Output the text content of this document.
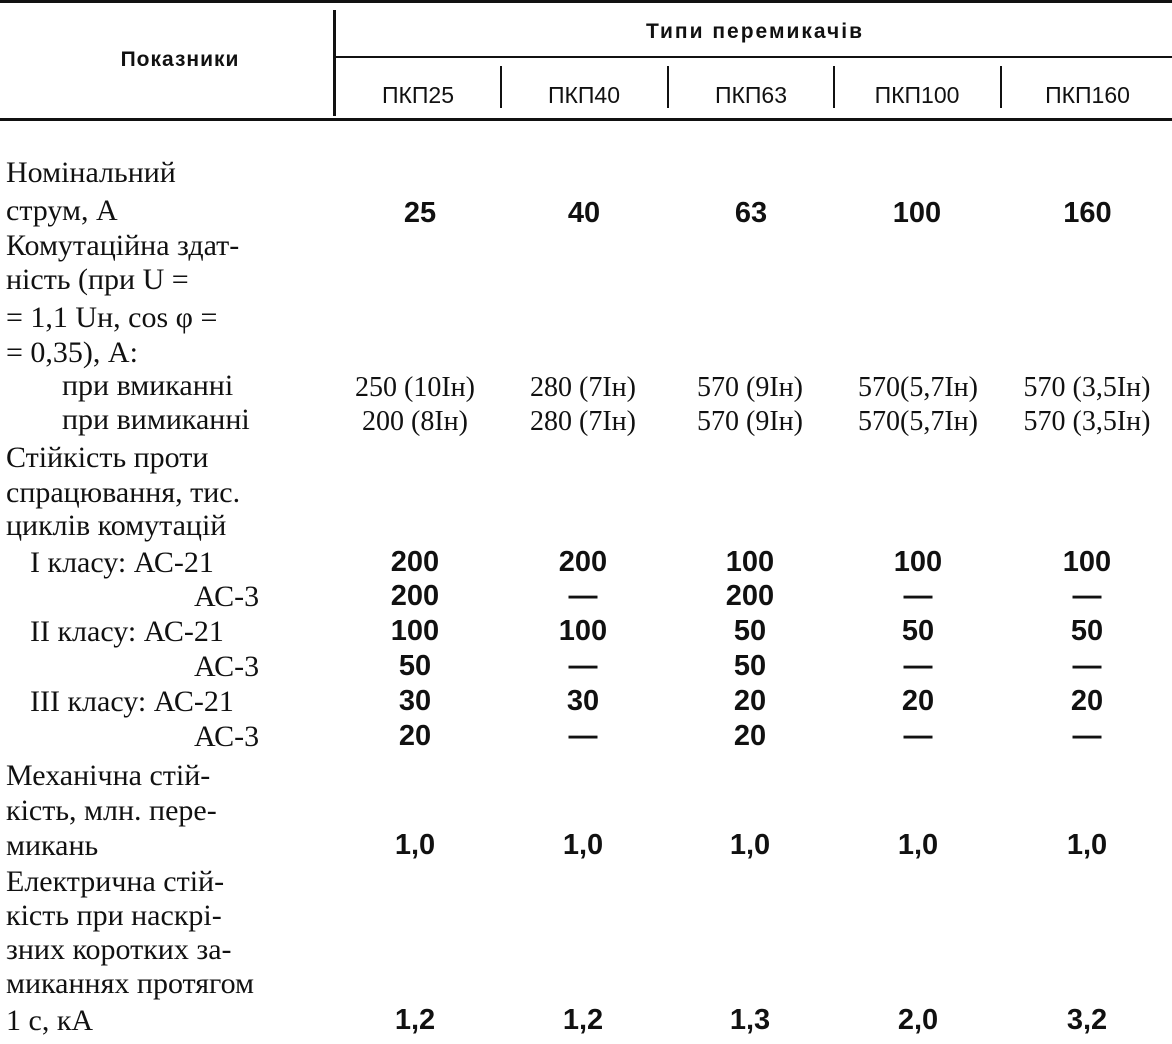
Показники
Типи перемикачів
ПКП25	ПКП40	ПКП63	ПКП100	ПКП160
Номінальний
струм, А	25	40	63	100	160
Комутаційна здат-
ність (при U =
= 1,1 Uн, cos φ =
= 0,35), А:
при вмиканні
при вимиканні
250 (10Iн)	280 (7Iн)	570 (9Iн)	570(5,7Iн)	570 (3,5Iн)
200 (8Iн)	280 (7Iн)	570 (9Iн)	570(5,7Iн)	570 (3,5Iн)
Стійкість проти
спрацювання, тис.
циклів комутацій
I класу: АС-21	200	200	100	100	100
АС-3	200	—	200	—	—
II класу: АС-21	100	100	50	50	50
АС-3	50	—	50	—	—
III класу: АС-21	30	30	20	20	20
АС-3	20	—	20	—	—
Механічна стій-
кість, млн. пере-
микань	1,0	1,0	1,0	1,0	1,0
Електрична стій-
кість при наскрі-
зних коротких за-
миканнях протягом
1 с, кА	1,2	1,2	1,3	2,0	3,2
